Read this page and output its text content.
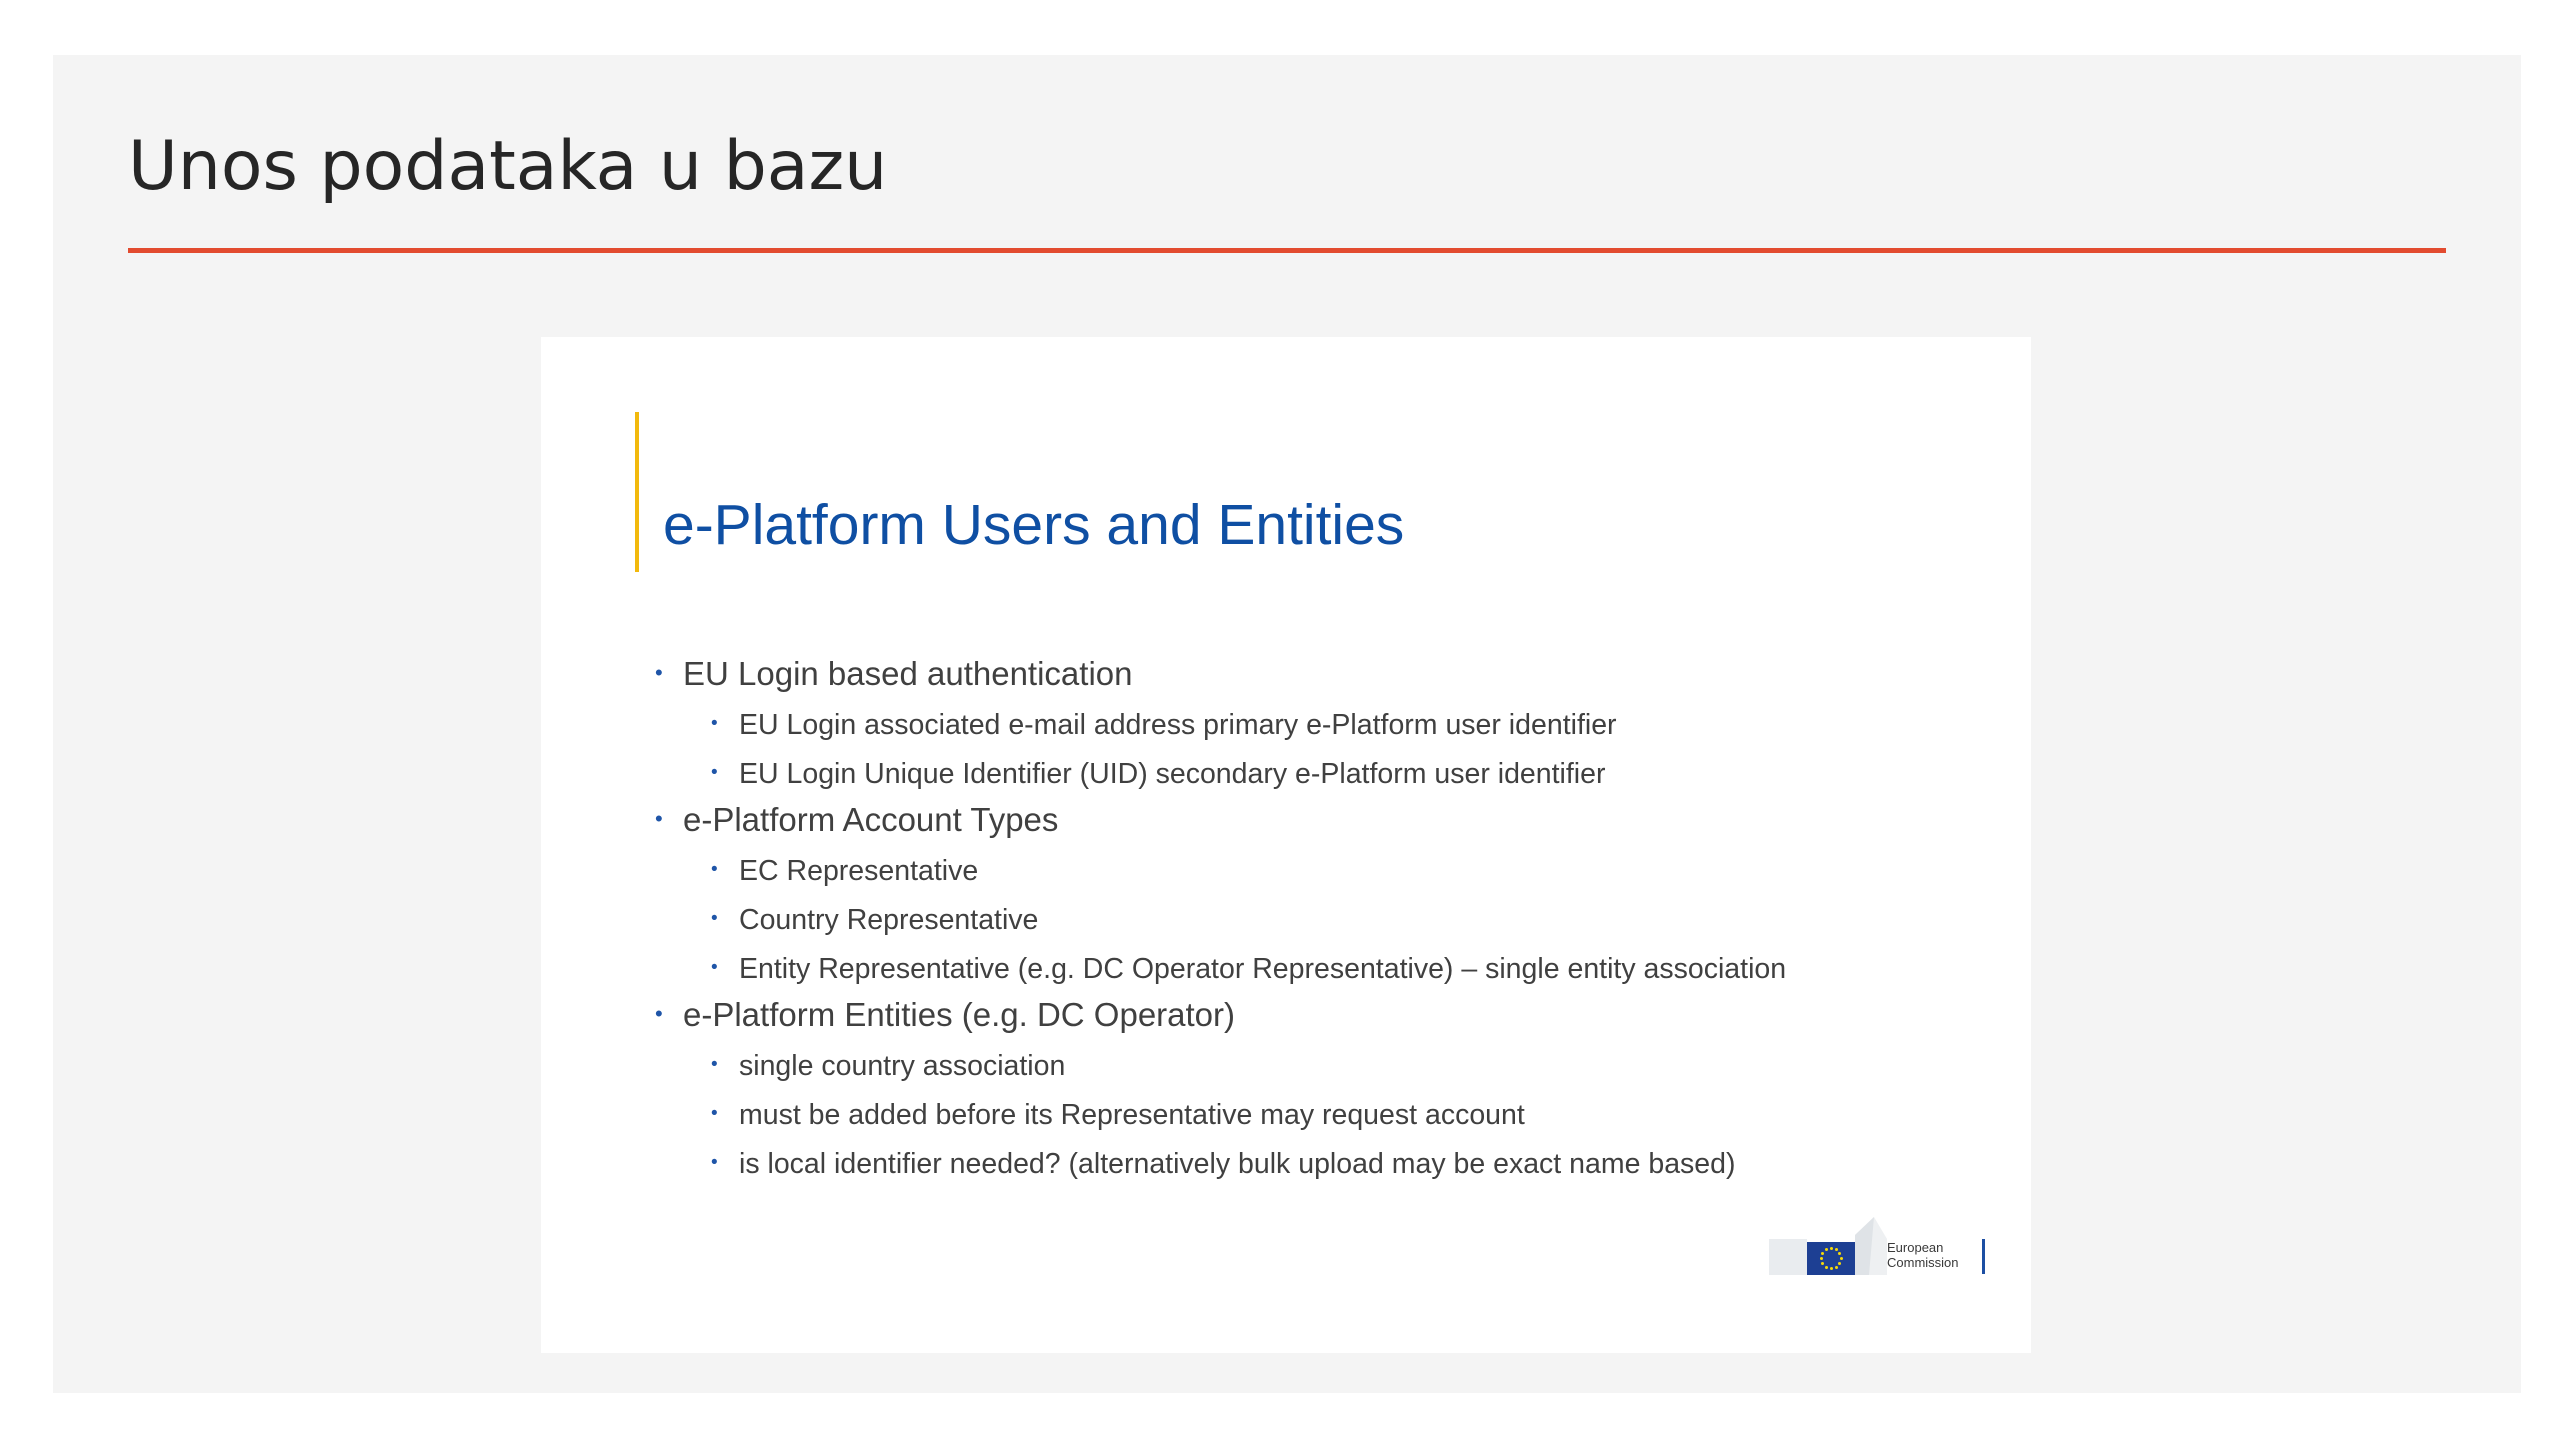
Unos podataka u bazu
e-Platform Users and Entities
• EU Login based authentication
• EU Login associated e-mail address primary e-Platform user identifier
• EU Login Unique Identifier (UID) secondary e-Platform user identifier
• e-Platform Account Types
• EC Representative
• Country Representative
• Entity Representative (e.g. DC Operator Representative) – single entity association
• e-Platform Entities (e.g. DC Operator)
• single country association
• must be added before its Representative may request account
• is local identifier needed? (alternatively bulk upload may be exact name based)
European
Commission
